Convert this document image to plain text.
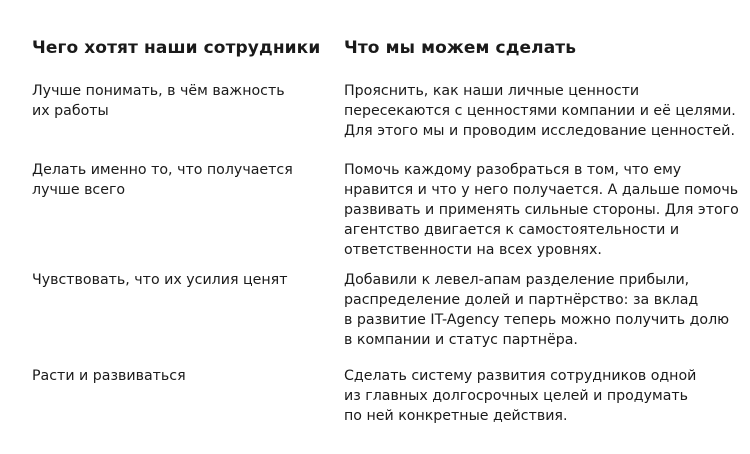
Чего хотят наши сотрудники Что мы можем сделать

Лучше понимать, в чём важность
их работы

Прояснить, как наши личные ценности
пересекаются с ценностями компании и её целями.
Для этого мы и проводим исследование ценностей.

Делать именно то, что получается
лучше всего

Помочь каждому разобраться в том, что ему
нравится и что у него получается. А дальше помочь
развивать и применять сильные стороны. Для этого
агентство двигается к самостоятельности и
ответственности на всех уровнях.

Чувствовать, что их усилия ценят	Добавили к левел-апам разделение прибыли,
распределение долей и партнёрство: за вклад
в развитие IT-Agency теперь можно получить долю
в компании и статус партнёра.

Расти и развиваться	Сделать систему развития сотрудников одной
из главных долгосрочных целей и продумать
по ней конкретные действия.
